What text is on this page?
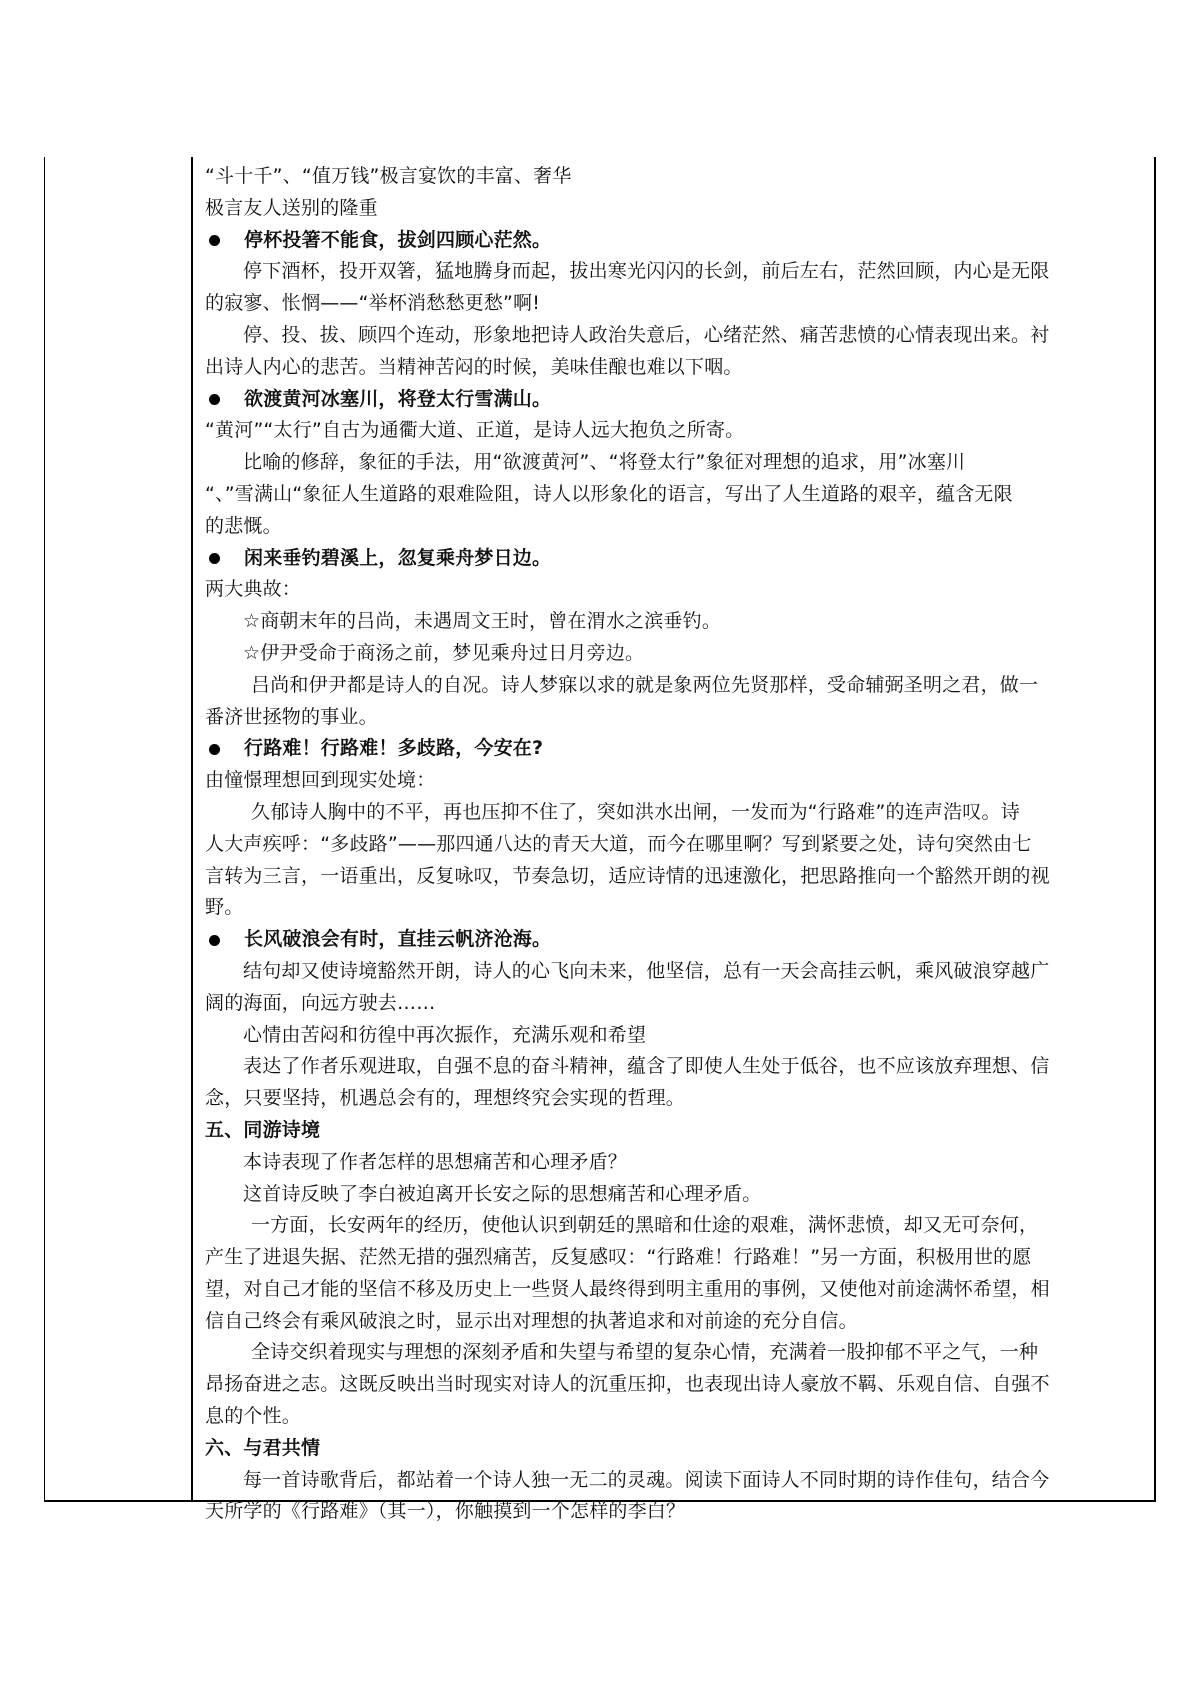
“斗十千”、“值万钱”极言宴饮的丰富、奢华
极言友人送别的隆重
停杯投箸不能食，拔剑四顾心茫然。
停下酒杯，投开双箸，猛地腾身而起，拔出寒光闪闪的长剑，前后左右，茫然回顾，内心是无限
的寂寥、怅惘——“举杯消愁愁更愁”啊!
停、投、拔、顾四个连动，形象地把诗人政治失意后，心绪茫然、痛苦悲愤的心情表现出来。衬
出诗人内心的悲苦。当精神苦闷的时候，美味佳酿也难以下咽。
欲渡黄河冰塞川，将登太行雪满山。
“黄河”“太行”自古为通衢大道、正道，是诗人远大抱负之所寄。
比喻的修辞，象征的手法，用“欲渡黄河”、“将登太行”象征对理想的追求，用”冰塞川
“、”雪满山“象征人生道路的艰难险阻，诗人以形象化的语言，写出了人生道路的艰辛，蕴含无限
的悲慨。
闲来垂钓碧溪上，忽复乘舟梦日边。
两大典故：
☆商朝末年的吕尚，未遇周文王时，曾在渭水之滨垂钓。
☆伊尹受命于商汤之前，梦见乘舟过日月旁边。
吕尚和伊尹都是诗人的自况。诗人梦寐以求的就是象两位先贤那样，受命辅弼圣明之君，做一
番济世拯物的事业。
行路难！行路难！多歧路，今安在?
由憧憬理想回到现实处境：
久郁诗人胸中的不平，再也压抑不住了，突如洪水出闸，一发而为“行路难”的连声浩叹。诗
人大声疾呼：“多歧路”——那四通八达的青天大道，而今在哪里啊？写到紧要之处，诗句突然由七
言转为三言，一语重出，反复咏叹，节奏急切，适应诗情的迅速激化，把思路推向一个豁然开朗的视
野。
长风破浪会有时，直挂云帆济沧海。
结句却又使诗境豁然开朗，诗人的心飞向未来，他坚信，总有一天会高挂云帆，乘风破浪穿越广
阔的海面，向远方驶去……
心情由苦闷和彷徨中再次振作，充满乐观和希望
表达了作者乐观进取，自强不息的奋斗精神，蕴含了即使人生处于低谷，也不应该放弃理想、信
念，只要坚持，机遇总会有的，理想终究会实现的哲理。
五、同游诗境
本诗表现了作者怎样的思想痛苦和心理矛盾？
这首诗反映了李白被迫离开长安之际的思想痛苦和心理矛盾。
一方面，长安两年的经历，使他认识到朝廷的黑暗和仕途的艰难，满怀悲愤，却又无可奈何，
产生了进退失据、茫然无措的强烈痛苦，反复感叹：“行路难！行路难！”另一方面，积极用世的愿
望，对自己才能的坚信不移及历史上一些贤人最终得到明主重用的事例，又使他对前途满怀希望，相
信自己终会有乘风破浪之时，显示出对理想的执著追求和对前途的充分自信。
全诗交织着现实与理想的深刻矛盾和失望与希望的复杂心情，充满着一股抑郁不平之气，一种
昂扬奋进之志。这既反映出当时现实对诗人的沉重压抑，也表现出诗人豪放不羁、乐观自信、自强不
息的个性。
六、与君共情
每一首诗歌背后，都站着一个诗人独一无二的灵魂。阅读下面诗人不同时期的诗作佳句，结合今
天所学的《行路难》（其一），你触摸到一个怎样的李白？
